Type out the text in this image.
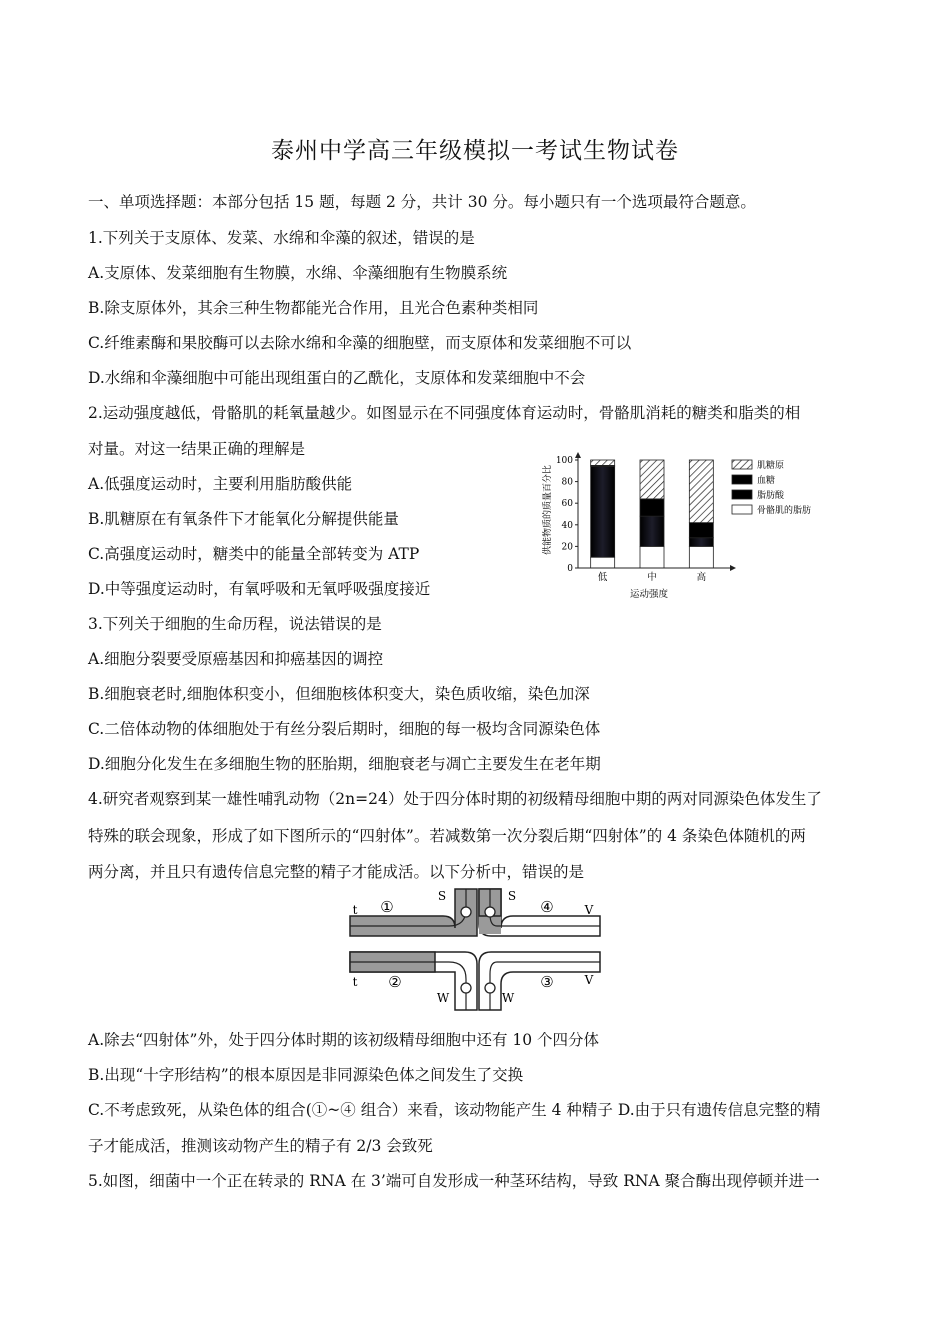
泰州中学高三年级模拟一考试生物试卷
一、单项选择题：本部分包括 15 题，每题 2 分，共计 30 分。每小题只有一个选项最符合题意。
1.下列关于支原体、发菜、水绵和伞藻的叙述，错误的是
A.支原体、发菜细胞有生物膜，水绵、伞藻细胞有生物膜系统
B.除支原体外，其余三种生物都能光合作用，且光合色素种类相同
C.纤维素酶和果胶酶可以去除水绵和伞藻的细胞壁，而支原体和发菜细胞不可以
D.水绵和伞藻细胞中可能出现组蛋白的乙酰化，支原体和发菜细胞中不会
2.运动强度越低，骨骼肌的耗氧量越少。如图显示在不同强度体育运动时，骨骼肌消耗的糖类和脂类的相
对量。对这一结果正确的理解是
A.低强度运动时，主要利用脂肪酸供能
B.肌糖原在有氧条件下才能氧化分解提供能量
C.高强度运动时，糖类中的能量全部转变为 ATP
D.中等强度运动时，有氧呼吸和无氧呼吸强度接近
供能物质的质量百分比
0
20
40
60
80
100
低	中	高
运动强度
肌糖原
血糖
脂肪酸
骨骼肌的脂肪
3.下列关于细胞的生命历程，说法错误的是
A.细胞分裂要受原癌基因和抑癌基因的调控
B.细胞衰老时,细胞体积变小，但细胞核体积变大，染色质收缩，染色加深
C.二倍体动物的体细胞处于有丝分裂后期时，细胞的每一极均含同源染色体
D.细胞分化发生在多细胞生物的胚胎期，细胞衰老与凋亡主要发生在老年期
4.研究者观察到某一雄性哺乳动物（2n=24）处于四分体时期的初级精母细胞中期的两对同源染色体发生了
特殊的联会现象，形成了如下图所示的“四射体”。若减数第一次分裂后期“四射体”的 4 条染色体随机的两
两分离，并且只有遗传信息完整的精子才能成活。以下分析中，错误的是
①
②	③
④
t
t
S	S
V
V
W	W
A.除去“四射体”外，处于四分体时期的该初级精母细胞中还有 10 个四分体
B.出现“十字形结构”的根本原因是非同源染色体之间发生了交换
C.不考虑致死，从染色体的组合(①~④ 组合）来看，该动物能产生 4 种精子 D.由于只有遗传信息完整的精
子才能成活，推测该动物产生的精子有 2/3 会致死
5.如图，细菌中一个正在转录的 RNA 在 3’端可自发形成一种茎环结构，导致 RNA 聚合酶出现停顿并进一
